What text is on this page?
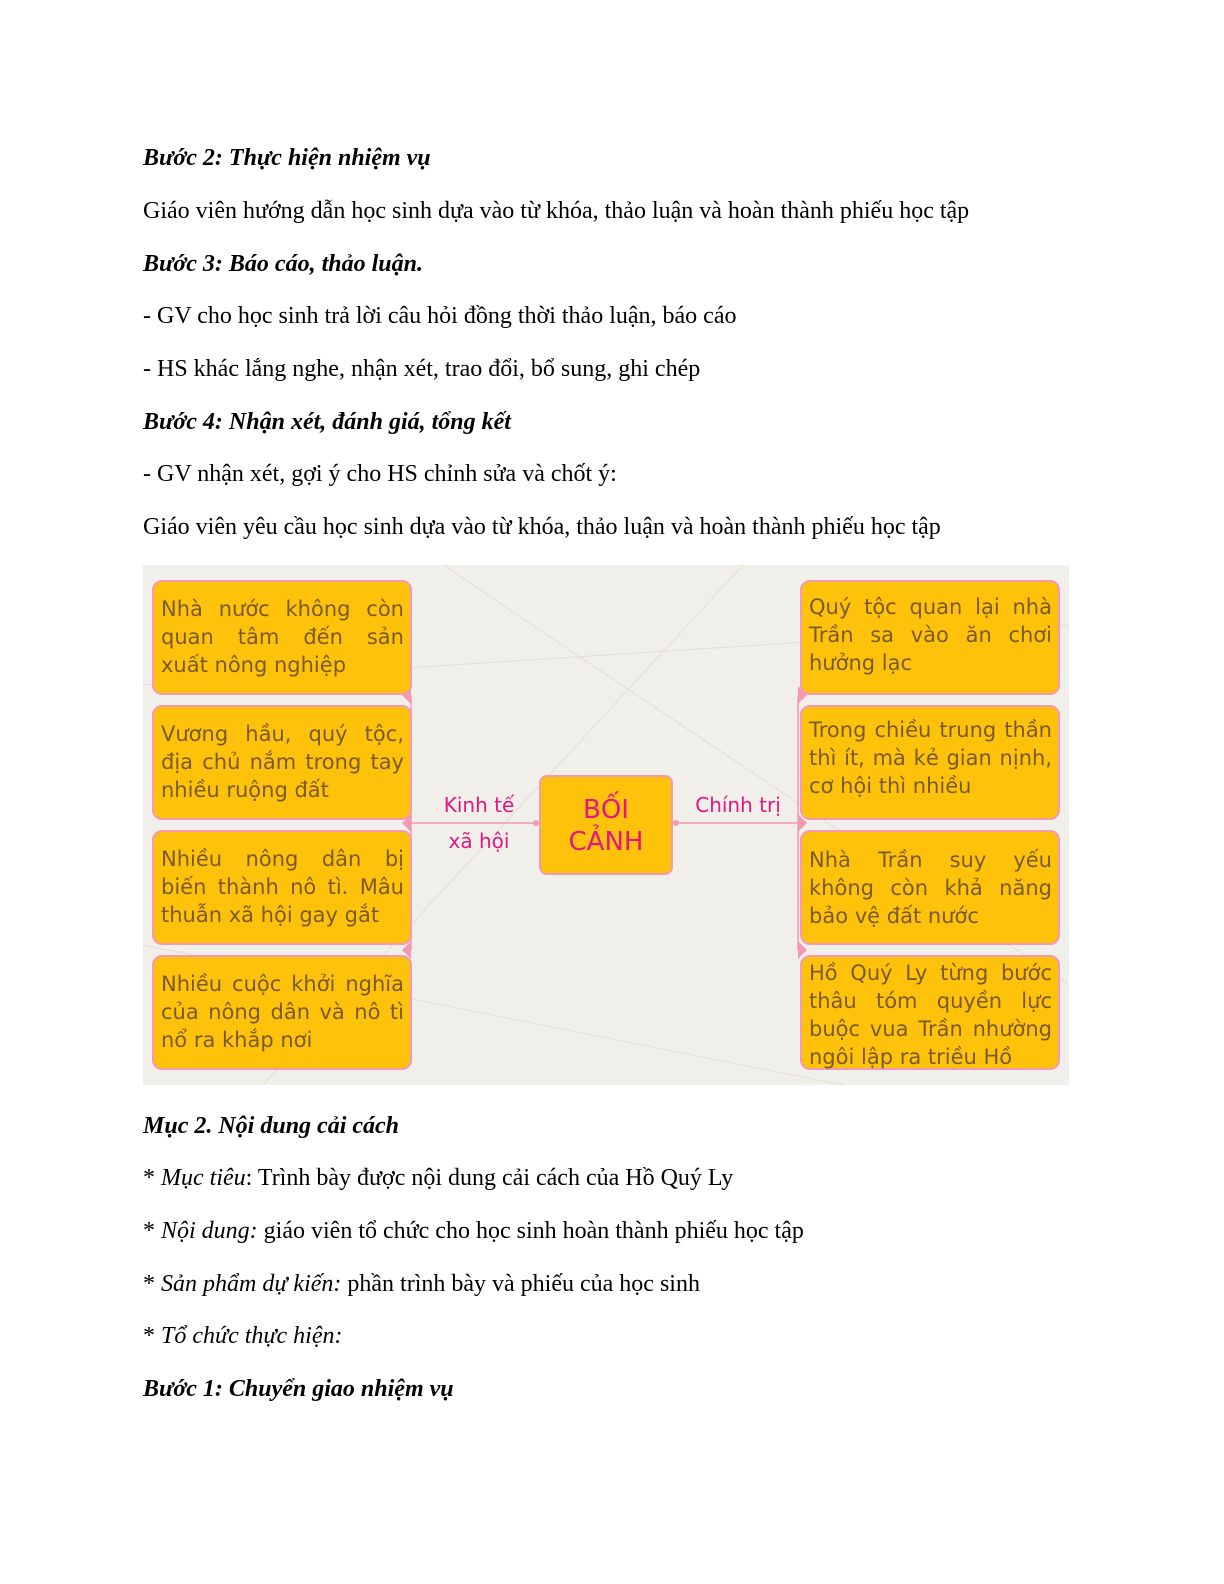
Bước 2: Thực hiện nhiệm vụ
Giáo viên hướng dẫn học sinh dựa vào từ khóa, thảo luận và hoàn thành phiếu học tập
Bước 3: Báo cáo, thảo luận.
- GV cho học sinh trả lời câu hỏi đồng thời thảo luận, báo cáo
- HS khác lắng nghe, nhận xét, trao đổi, bổ sung, ghi chép
Bước 4: Nhận xét, đánh giá, tổng kết
- GV nhận xét, gợi ý cho HS chỉnh sửa và chốt ý:
Giáo viên yêu cầu học sinh dựa vào từ khóa, thảo luận và hoàn thành phiếu học tập
Nhà nước không còn quan tâm đến sản xuất nông nghiệp
Vương hầu, quý tộc, địa chủ nắm trong tay nhiều ruộng đất
Nhiều nông dân bị biến thành nô tì. Mâu thuẫn xã hội gay gắt
Nhiều cuộc khởi nghĩa của nông dân và nô tì nổ ra khắp nơi
Quý tộc quan lại nhà Trần sa vào ăn chơi hưởng lạc
Trong chiều trung thần thì ít, mà kẻ gian nịnh, cơ hội thì nhiều
Nhà Trần suy yếu không còn khả năng bảo vệ đất nước
Hồ Quý Ly từng bước thâu tóm quyền lực buộc vua Trần nhường ngôi lập ra triều Hồ
Kinh tế
xã hội
Chính trị
BỐI
CẢNH
Mục 2. Nội dung cải cách
* Mục tiêu: Trình bày được nội dung cải cách của Hồ Quý Ly
* Nội dung: giáo viên tổ chức cho học sinh hoàn thành phiếu học tập
* Sản phẩm dự kiến: phần trình bày và phiếu của học sinh
* Tổ chức thực hiện:
Bước 1: Chuyển giao nhiệm vụ
